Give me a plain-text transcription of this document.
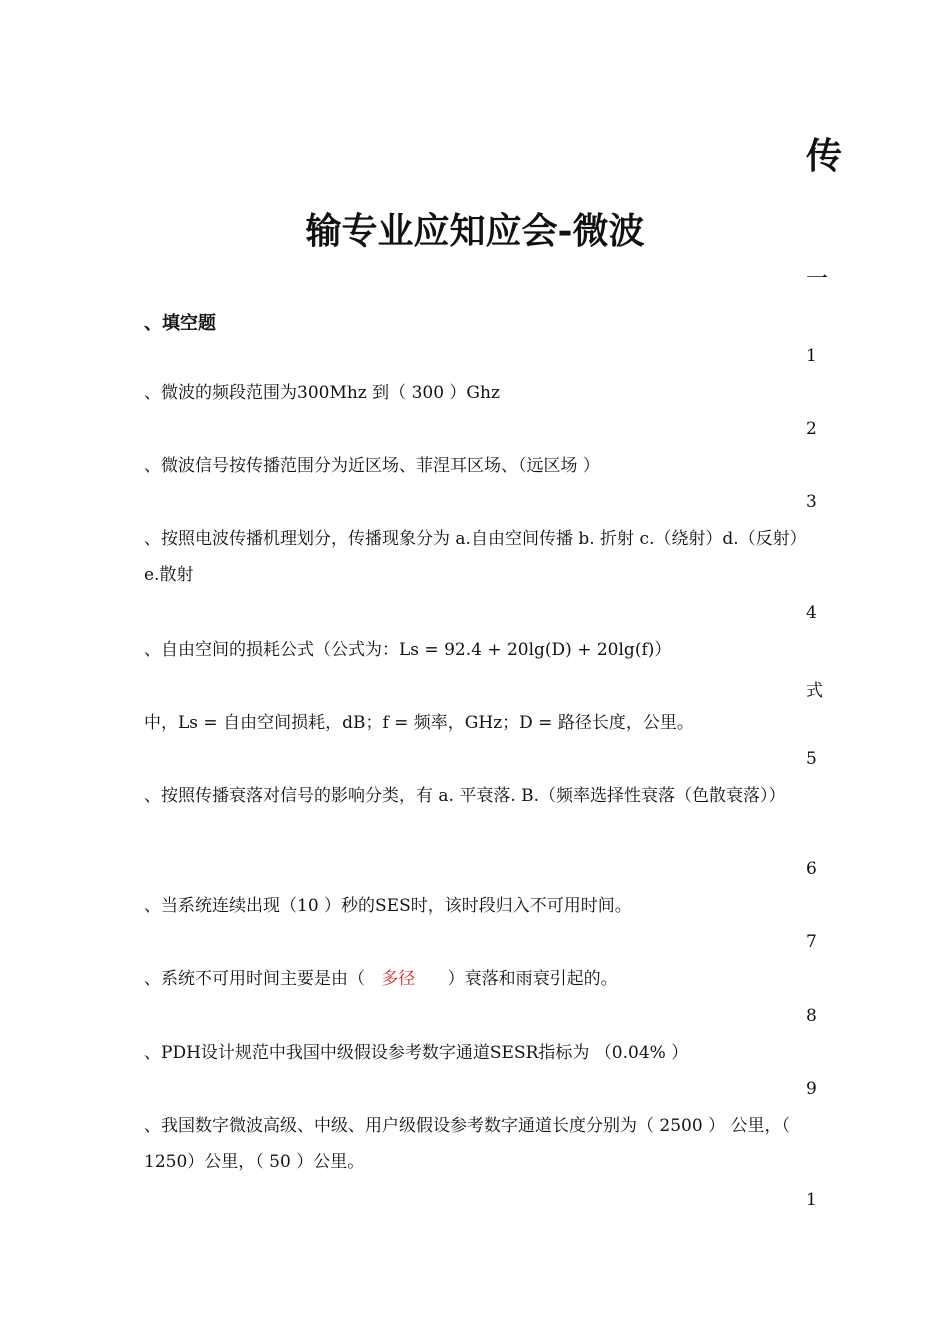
传
输专业应知应会-微波
一
、填空题
1
、微波的频段范围为300Mhz 到（ 300 ）Ghz
2
、微波信号按传播范围分为近区场、菲涅耳区场、（远区场 ）
3
、按照电波传播机理划分，传播现象分为 a.自由空间传播 b. 折射 c.（绕射）d.（反射） e.散射
4
、自由空间的损耗公式（公式为：Ls = 92.4 + 20lg(D) + 20lg(f)）
式
中，Ls = 自由空间损耗，dB；f = 频率，GHz；D = 路径长度，公里。
5
、按照传播衰落对信号的影响分类，有 a. 平衰落. B.（频率选择性衰落（色散衰落））
6
、当系统连续出现（10 ）秒的SES时，该时段归入不可用时间。
7
、系统不可用时间主要是由（   多径      ）衰落和雨衰引起的。
8
、PDH设计规范中我国中级假设参考数字通道SESR指标为 （0.04% ）
9
、我国数字微波高级、中级、用户级假设参考数字通道长度分别为（ 2500 ） 公里，（ 1250）公里，（ 50 ）公里。
1
